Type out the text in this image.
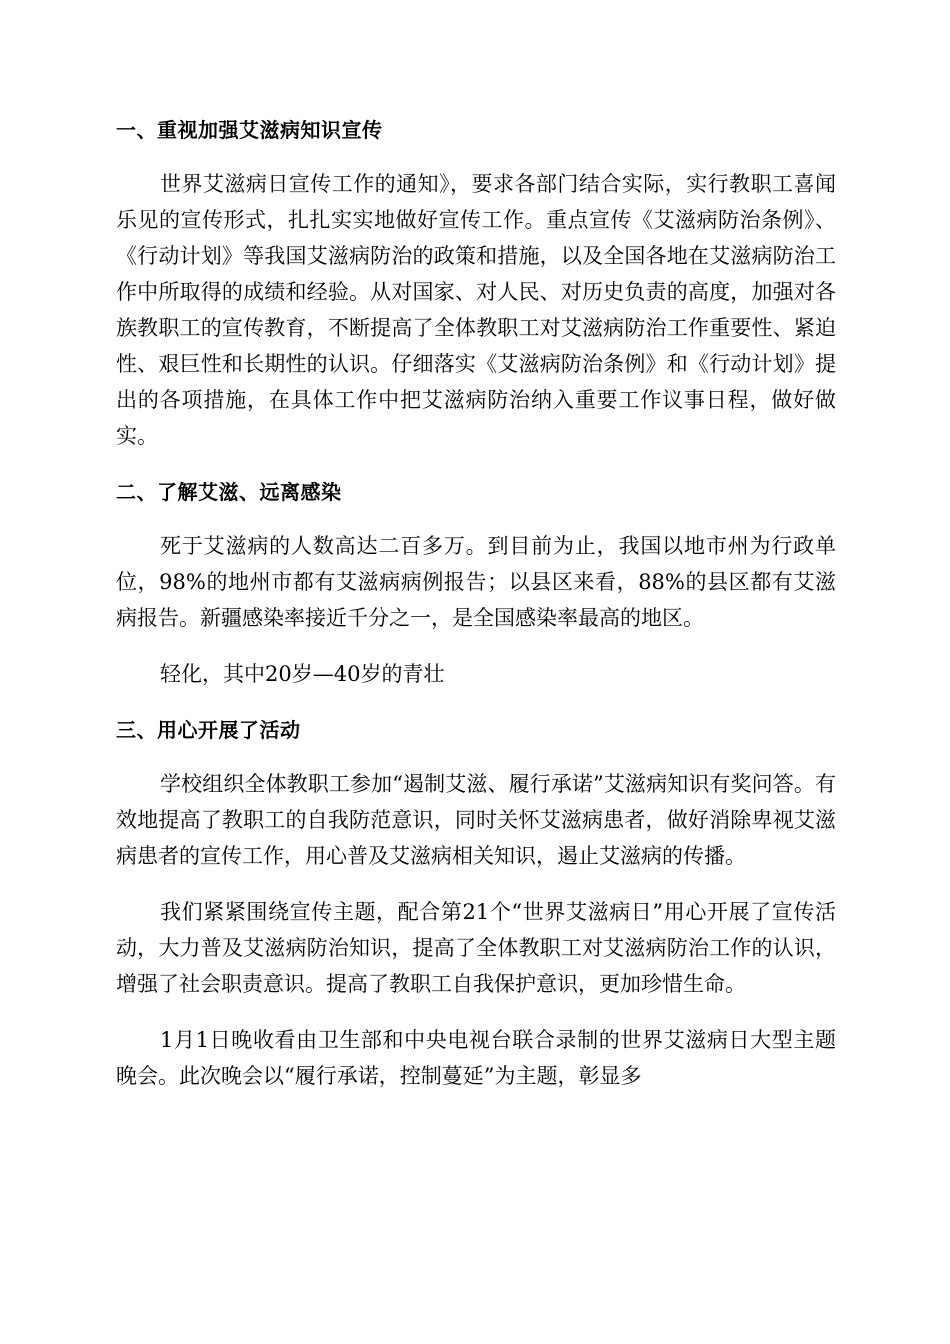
一、重视加强艾滋病知识宣传

世界艾滋病日宣传工作的通知》，要求各部门结合实际，实行教职工喜闻乐见的宣传形式，扎扎实实地做好宣传工作。重点宣传《艾滋病防治条例》、《行动计划》等我国艾滋病防治的政策和措施，以及全国各地在艾滋病防治工作中所取得的成绩和经验。从对国家、对人民、对历史负责的高度，加强对各族教职工的宣传教育，不断提高了全体教职工对艾滋病防治工作重要性、紧迫性、艰巨性和长期性的认识。仔细落实《艾滋病防治条例》和《行动计划》提出的各项措施，在具体工作中把艾滋病防治纳入重要工作议事日程，做好做实。

二、了解艾滋、远离感染

死于艾滋病的人数高达二百多万。到目前为止，我国以地市州为行政单位，98%的地州市都有艾滋病病例报告；以县区来看，88%的县区都有艾滋病报告。新疆感染率接近千分之一，是全国感染率最高的地区。

轻化，其中20岁—40岁的青壮

三、用心开展了活动

学校组织全体教职工参加“遏制艾滋、履行承诺”艾滋病知识有奖问答。有效地提高了教职工的自我防范意识，同时关怀艾滋病患者，做好消除卑视艾滋病患者的宣传工作，用心普及艾滋病相关知识，遏止艾滋病的传播。

我们紧紧围绕宣传主题，配合第21个“世界艾滋病日”用心开展了宣传活动，大力普及艾滋病防治知识，提高了全体教职工对艾滋病防治工作的认识，增强了社会职责意识。提高了教职工自我保护意识，更加珍惜生命。

1月1日晚收看由卫生部和中央电视台联合录制的世界艾滋病日大型主题晚会。此次晚会以“履行承诺，控制蔓延”为主题，彰显多
